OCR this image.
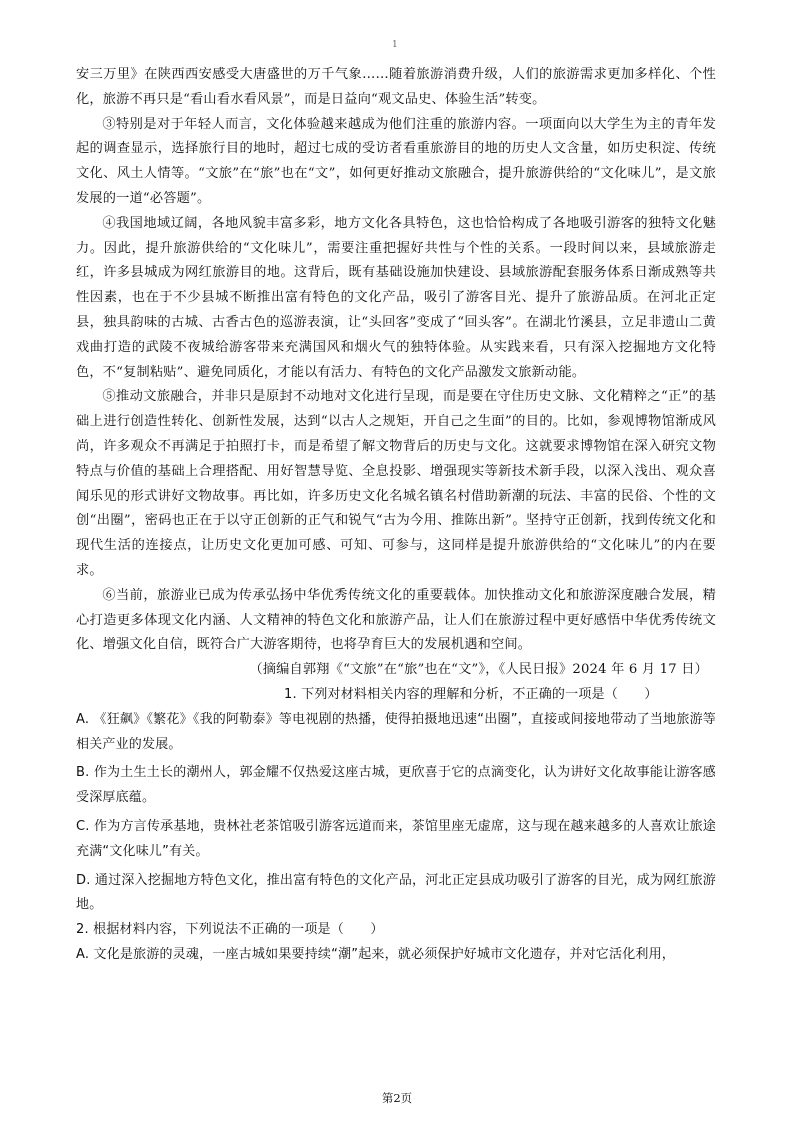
1

安三万里》在陕西西安感受大唐盛世的万千气象……随着旅游消费升级，人们的旅游需求更加多样化、个性化，旅游不再只是“看山看水看风景”，而是日益向“观文品史、体验生活”转变。

③特别是对于年轻人而言，文化体验越来越成为他们注重的旅游内容。一项面向以大学生为主的青年发起的调查显示，选择旅行目的地时，超过七成的受访者看重旅游目的地的历史人文含量，如历史积淀、传统文化、风土人情等。“文旅”在“旅”也在“文”，如何更好推动文旅融合，提升旅游供给的“文化味儿”，是文旅发展的一道“必答题”。

④我国地域辽阔，各地风貌丰富多彩，地方文化各具特色，这也恰恰构成了各地吸引游客的独特文化魅力。因此，提升旅游供给的“文化味儿”，需要注重把握好共性与个性的关系。一段时间以来，县域旅游走红，许多县城成为网红旅游目的地。这背后，既有基础设施加快建设、县域旅游配套服务体系日渐成熟等共性因素，也在于不少县城不断推出富有特色的文化产品，吸引了游客目光、提升了旅游品质。在河北正定县，独具韵味的古城、古香古色的巡游表演，让“头回客”变成了“回头客”。在湖北竹溪县，立足非遗山二黄戏曲打造的武陵不夜城给游客带来充满国风和烟火气的独特体验。从实践来看，只有深入挖掘地方文化特色，不“复制粘贴”、避免同质化，才能以有活力、有特色的文化产品激发文旅新动能。

⑤推动文旅融合，并非只是原封不动地对文化进行呈现，而是要在守住历史文脉、文化精粹之“正”的基础上进行创造性转化、创新性发展，达到“以古人之规矩，开自己之生面”的目的。比如，参观博物馆渐成风尚，许多观众不再满足于拍照打卡，而是希望了解文物背后的历史与文化。这就要求博物馆在深入研究文物特点与价值的基础上合理搭配、用好智慧导览、全息投影、增强现实等新技术新手段，以深入浅出、观众喜闻乐见的形式讲好文物故事。再比如，许多历史文化名城名镇名村借助新潮的玩法、丰富的民俗、个性的文创“出圈”，密码也正在于以守正创新的正气和锐气“古为今用、推陈出新”。坚持守正创新，找到传统文化和现代生活的连接点，让历史文化更加可感、可知、可参与，这同样是提升旅游供给的“文化味儿”的内在要求。

⑥当前，旅游业已成为传承弘扬中华优秀传统文化的重要载体。加快推动文化和旅游深度融合发展，精心打造更多体现文化内涵、人文精神的特色文化和旅游产品，让人们在旅游过程中更好感悟中华优秀传统文化、增强文化自信，既符合广大游客期待，也将孕育巨大的发展机遇和空间。

（摘编自郭翔《“文旅”在“旅”也在“文”》，《人民日报》2024 年 6 月 17 日）

1. 下列对材料相关内容的理解和分析，不正确的一项是（　　）

A. 《狂飙》《繁花》《我的阿勒泰》等电视剧的热播，使得拍摄地迅速“出圈”，直接或间接地带动了当地旅游等相关产业的发展。

B. 作为土生土长的潮州人，郭金耀不仅热爱这座古城，更欣喜于它的点滴变化，认为讲好文化故事能让游客感受深厚底蕴。

C. 作为方言传承基地，贵林社老茶馆吸引游客远道而来，茶馆里座无虚席，这与现在越来越多的人喜欢让旅途充满“文化味儿”有关。

D. 通过深入挖掘地方特色文化，推出富有特色的文化产品，河北正定县成功吸引了游客的目光，成为网红旅游地。

2. 根据材料内容，下列说法不正确的一项是（　　）

A. 文化是旅游的灵魂，一座古城如果要持续“潮”起来，就必须保护好城市文化遗存，并对它活化利用，

第2页
